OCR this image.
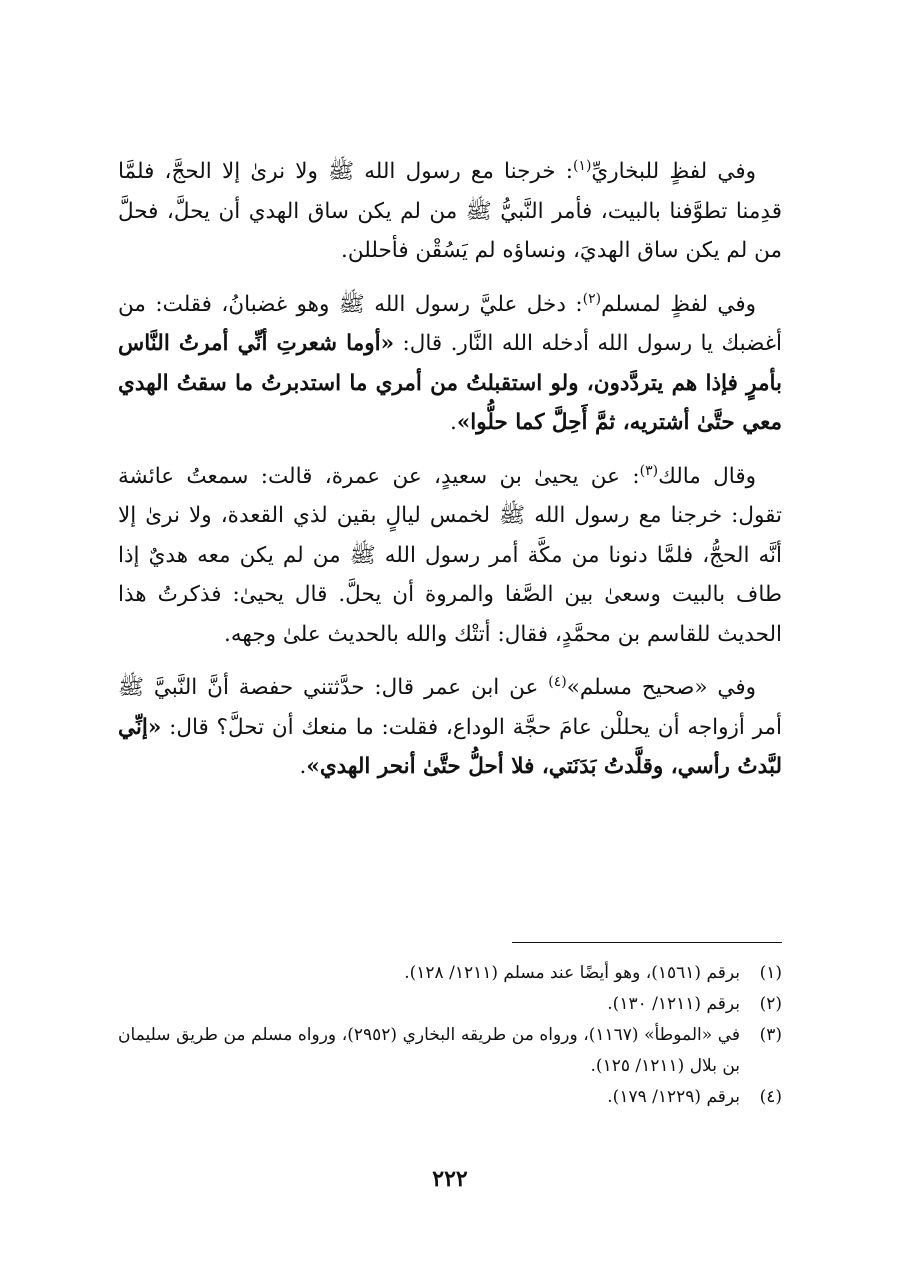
وفي لفظٍ للبخاريِّ$^{(١)}$: خرجنا مع رسول الله ﷺ ولا نرىٰ إلا الحجَّ، فلمَّا قدِمنا تطوَّفنا بالبيت، فأمر النَّبيُّ ﷺ من لم يكن ساق الهدي أن يحلَّ، فحلَّ من لم يكن ساق الهديَ، ونساؤه لم يَسُقْن فأحللن.

وفي لفظٍ لمسلم$^{(٢)}$: دخل عليَّ رسول الله ﷺ وهو غضبانُ، فقلت: من أغضبك يا رسول الله أدخله الله النَّار. قال: «أوما شعرتِ أنِّي أمرتُ النَّاس بأمرٍ فإذا هم يتردَّدون، ولو استقبلتُ من أمري ما استدبرتُ ما سقتُ الهدي معي حتَّىٰ أشتريه، ثمَّ أَحِلَّ كما حلُّوا».

وقال مالك$^{(٣)}$: عن يحيىٰ بن سعيدٍ، عن عمرة، قالت: سمعتُ عائشة تقول: خرجنا مع رسول الله ﷺ لخمس ليالٍ بقين لذي القعدة، ولا نرىٰ إلا أنَّه الحجُّ، فلمَّا دنونا من مكَّة أمر رسول الله ﷺ من لم يكن معه هديٌ إذا طاف بالبيت وسعىٰ بين الصَّفا والمروة أن يحلَّ. قال يحيىٰ: فذكرتُ هذا الحديث للقاسم بن محمَّدٍ، فقال: أتتْك والله بالحديث علىٰ وجهه.

وفي «صحيح مسلم»$^{(٤)}$ عن ابن عمر قال: حدَّثتني حفصة أنَّ النَّبيَّ ﷺ أمر أزواجه أن يحللْن عامَ حجَّة الوداع، فقلت: ما منعك أن تحلَّ؟ قال: «إنِّي لبَّدتُ رأسي، وقلَّدتُ بَدَنَتي، فلا أحلُّ حتَّىٰ أنحر الهدي».

(١)
برقم (١٥٦١)، وهو أيضًا عند مسلم (١٢١١/ ١٢٨).
(٢)
برقم (١٢١١/ ١٣٠).
(٣)
في «الموطأ» (١١٦٧)، ورواه من طريقه البخاري (٢٩٥٢)، ورواه مسلم من طريق سليمان بن بلال (١٢١١/ ١٢٥).
(٤)
برقم (١٢٢٩/ ١٧٩).
٢٢٢
